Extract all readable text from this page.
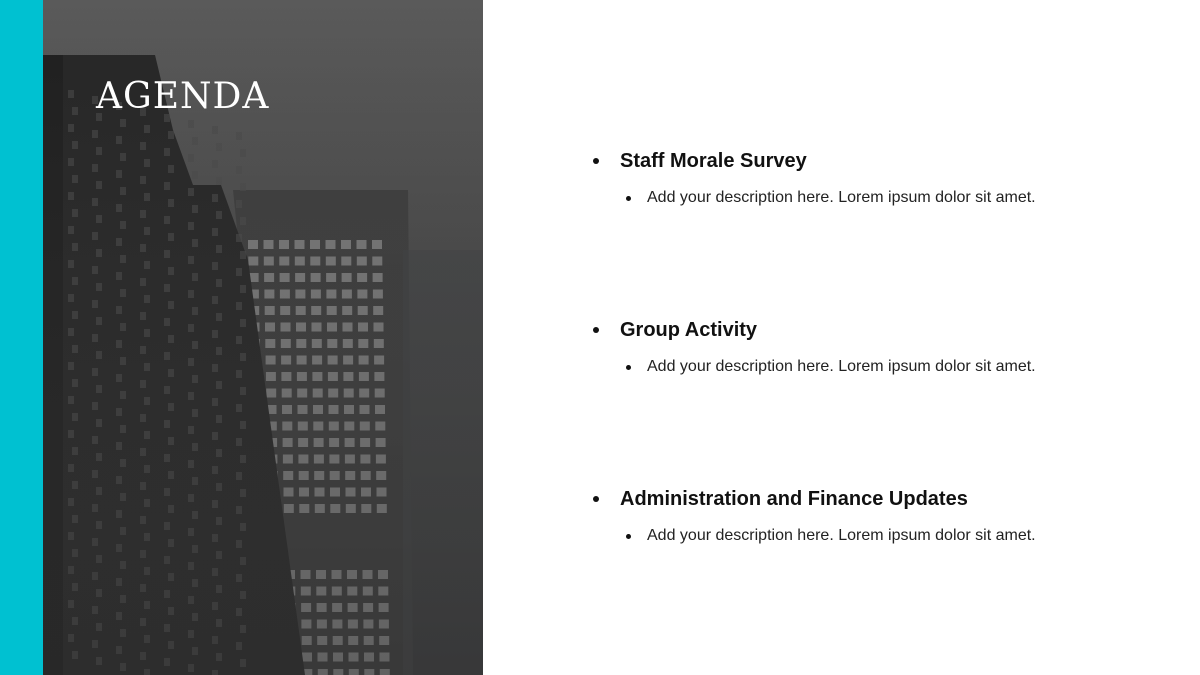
AGENDA
Staff Morale Survey
Add your description here. Lorem ipsum dolor sit amet.
Group Activity
Add your description here. Lorem ipsum dolor sit amet.
Administration and Finance Updates
Add your description here. Lorem ipsum dolor sit amet.
